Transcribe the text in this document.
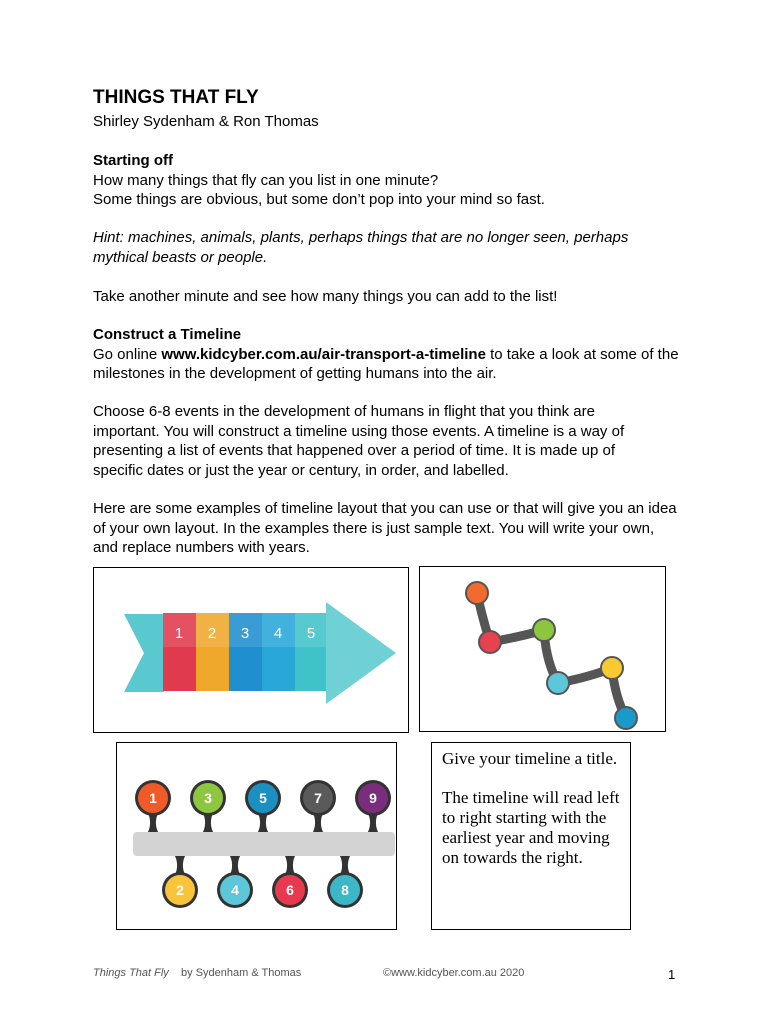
THINGS THAT FLY
Shirley Sydenham & Ron Thomas

Starting off

How many things that fly can you list in one minute?

Some things are obvious, but some don’t pop into your mind so fast.

Hint: machines, animals, plants, perhaps things that are no longer seen, perhaps mythical beasts or people.

Take another minute and see how many things you can add to the list!

Construct a Timeline

Go online www.kidcyber.com.au/air-transport-a-timeline to take a look at some of the milestones in the development of getting humans into the air.

Choose 6-8 events in the development of humans in flight that you think are important. You will construct a timeline using those events. A timeline is a way of presenting a list of events that happened over a period of time. It is made up of specific dates or just the year or century, in order, and labelled.

Here are some examples of timeline layout that you can use or that will give you an idea of your own layout. In the examples there is just sample text. You will write your own, and replace numbers with years.

1 2 3 4 5
1	3	5	7	9
2	4	6	8

Give your timeline a title.

The timeline will read left to right starting with the earliest year and moving on towards the right.

Things That Fly by Sydenham & Thomas	©www.kidcyber.com.au 2020	1
